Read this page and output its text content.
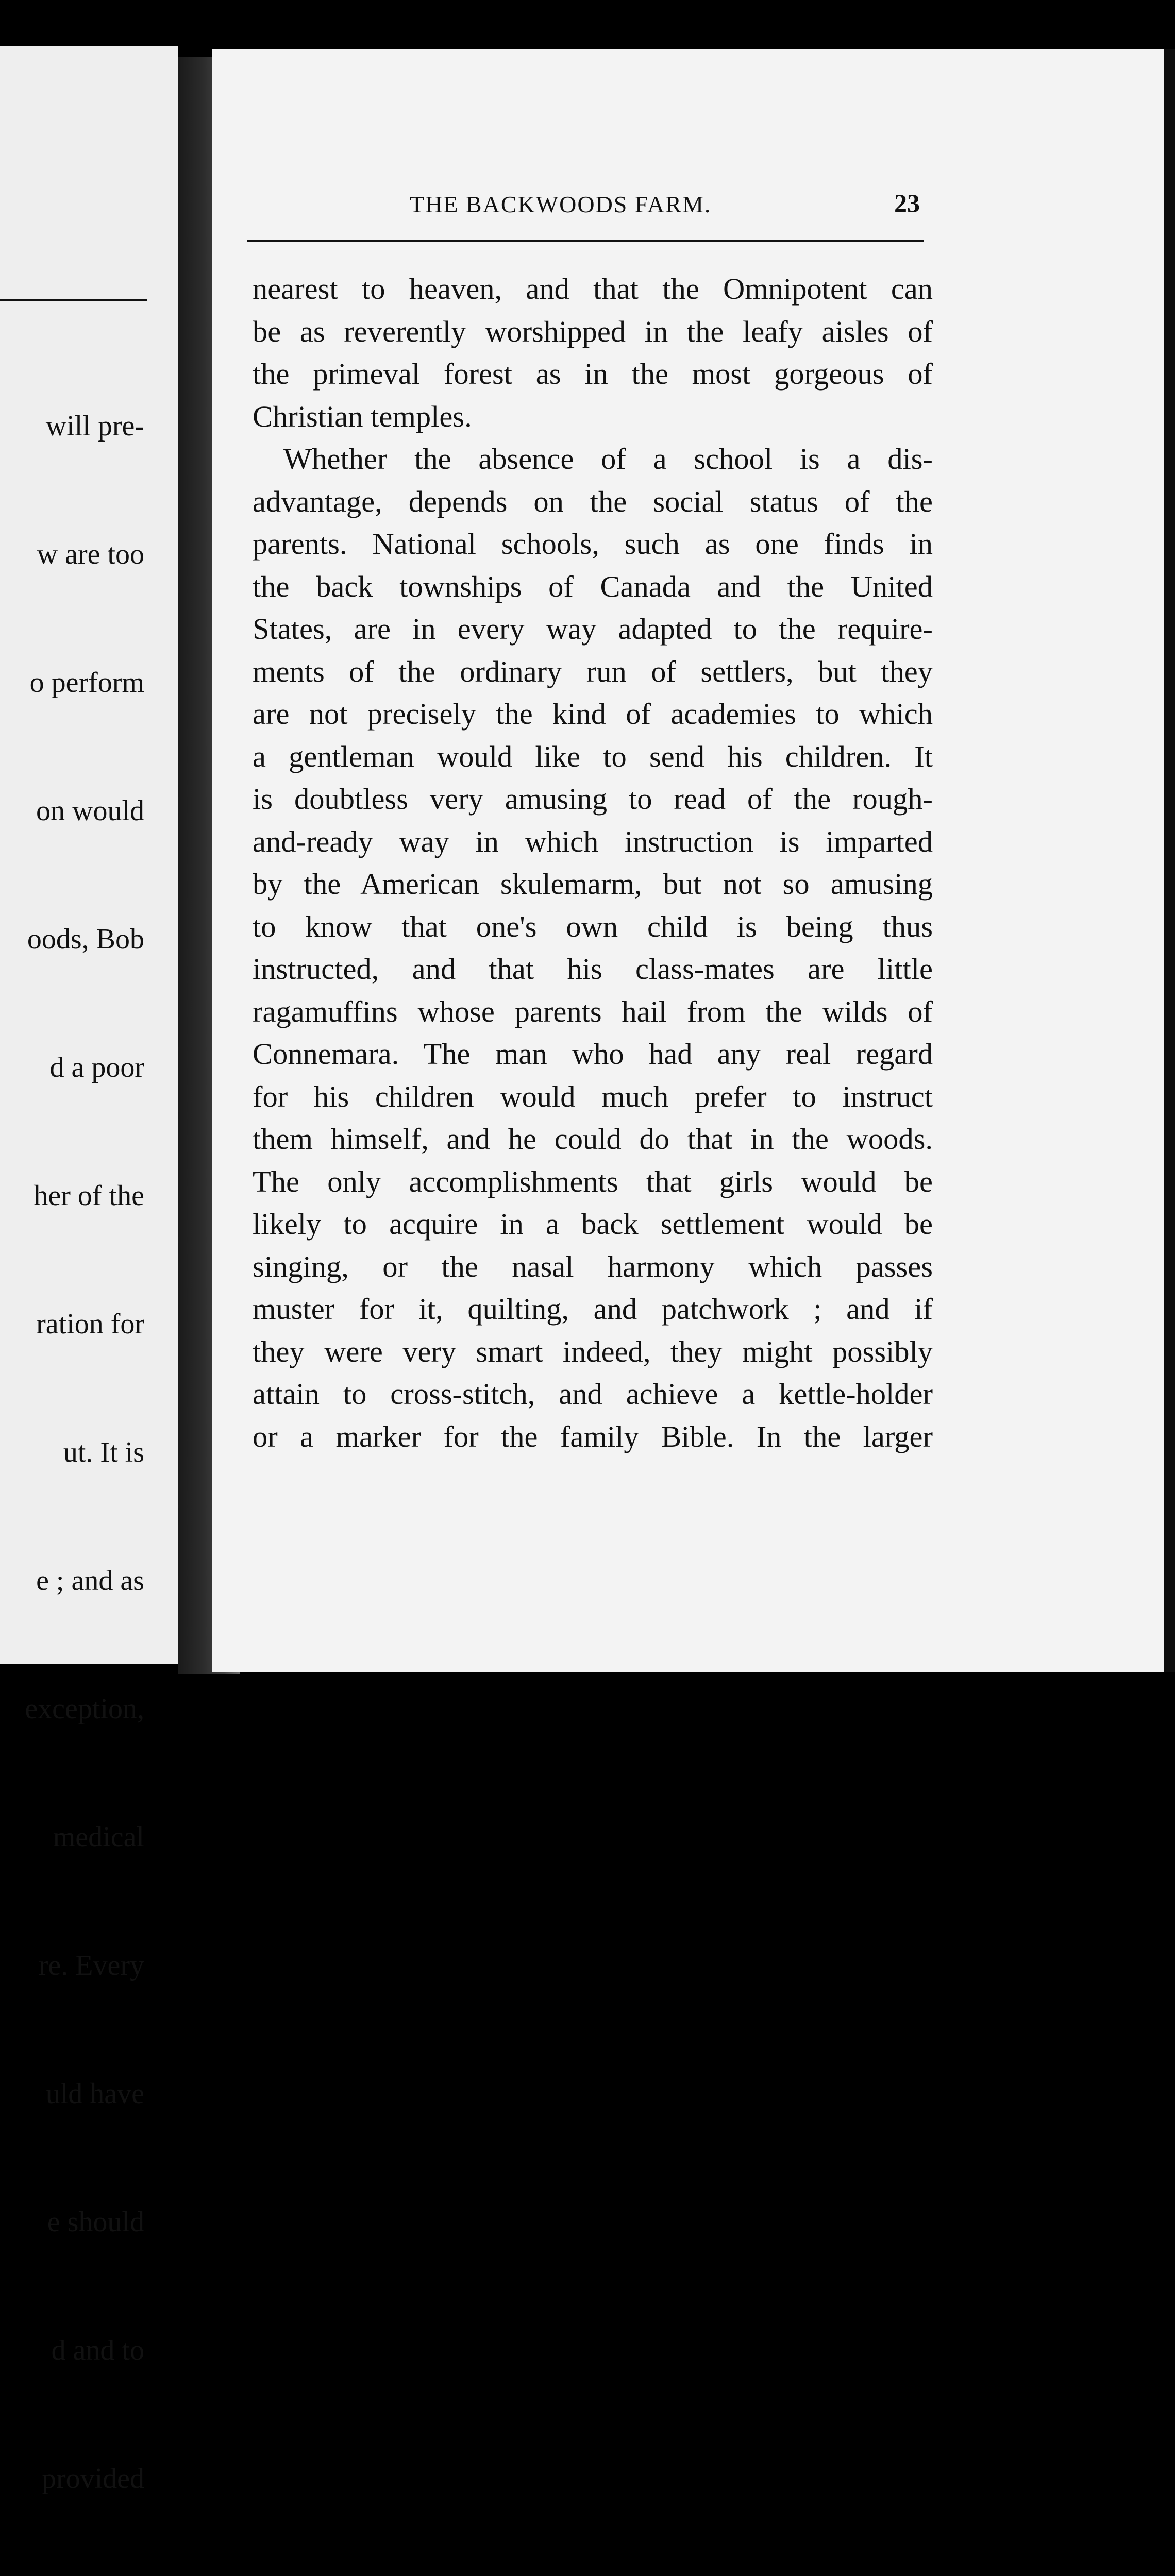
will pre-

w are too

o perform

on would

oods, Bob

d a poor

her of the

ration for

ut. It is

e ; and as

exception,

medical

re. Every

uld have

e should

d and to

provided

THE BACKWOODS FARM.	23
nearest to heaven, and that the Omnipotent can
be as reverently worshipped in the leafy aisles of
the primeval forest as in the most gorgeous of
Christian temples.
Whether the absence of a school is a dis-
advantage, depends on the social status of the
parents. National schools, such as one finds in
the back townships of Canada and the United
States, are in every way adapted to the require-
ments of the ordinary run of settlers, but they
are not precisely the kind of academies to which
a gentleman would like to send his children. It
is doubtless very amusing to read of the rough-
and-ready way in which instruction is imparted
by the American skulemarm, but not so amusing
to know that one's own child is being thus
instructed, and that his class-mates are little
ragamuffins whose parents hail from the wilds of
Connemara. The man who had any real regard
for his children would much prefer to instruct
them himself, and he could do that in the woods.
The only accomplishments that girls would be
likely to acquire in a back settlement would be
singing, or the nasal harmony which passes
muster for it, quilting, and patchwork ; and if
they were very smart indeed, they might possibly
attain to cross-stitch, and achieve a kettle-holder
or a marker for the family Bible. In the larger
